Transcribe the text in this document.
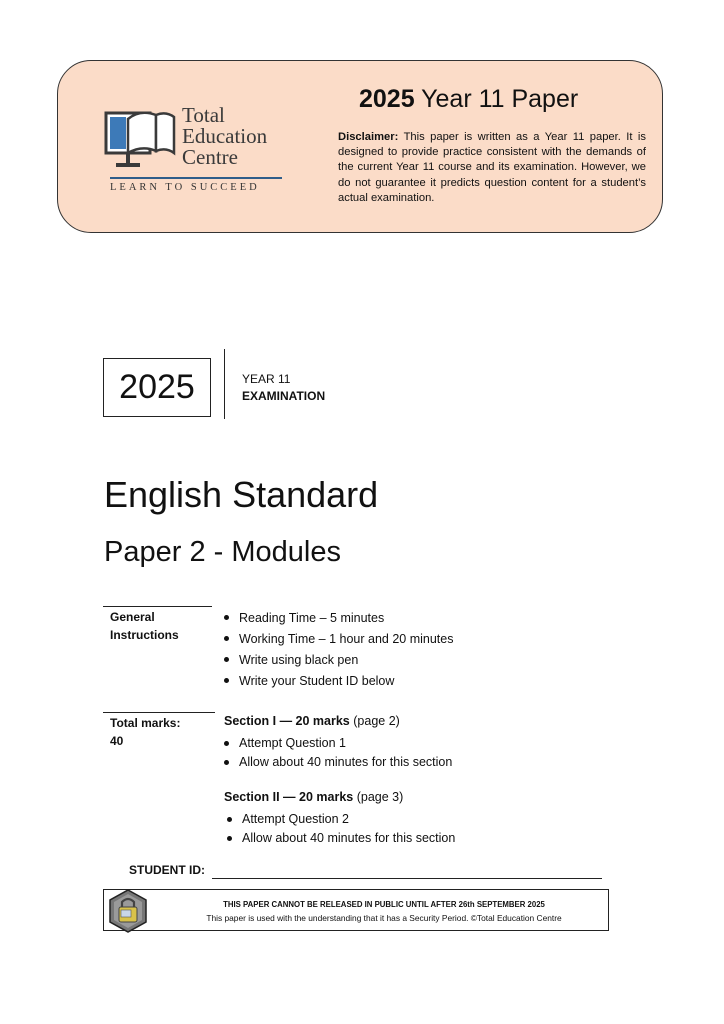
Total
Education
Centre
LEARN TO SUCCEED
2025 Year 11 Paper
Disclaimer: This paper is written as a Year 11 paper. It is designed to provide practice consistent with the demands of the current Year 11 course and its examination. However, we do not guarantee it predicts question content for a student’s actual examination.
2025	YEAR 11
EXAMINATION
English Standard
Paper 2 - Modules
General
Instructions
Reading Time – 5 minutes
Working Time – 1 hour and 20 minutes
Write using black pen
Write your Student ID below
Total marks:
40
Section I — 20 marks (page 2)
Attempt Question 1
Allow about 40 minutes for this section
Section II — 20 marks (page 3)
Attempt Question 2
Allow about 40 minutes for this section
STUDENT ID:
THIS PAPER CANNOT BE RELEASED IN PUBLIC UNTIL AFTER 26th SEPTEMBER 2025
This paper is used with the understanding that it has a Security Period. ©Total Education Centre
